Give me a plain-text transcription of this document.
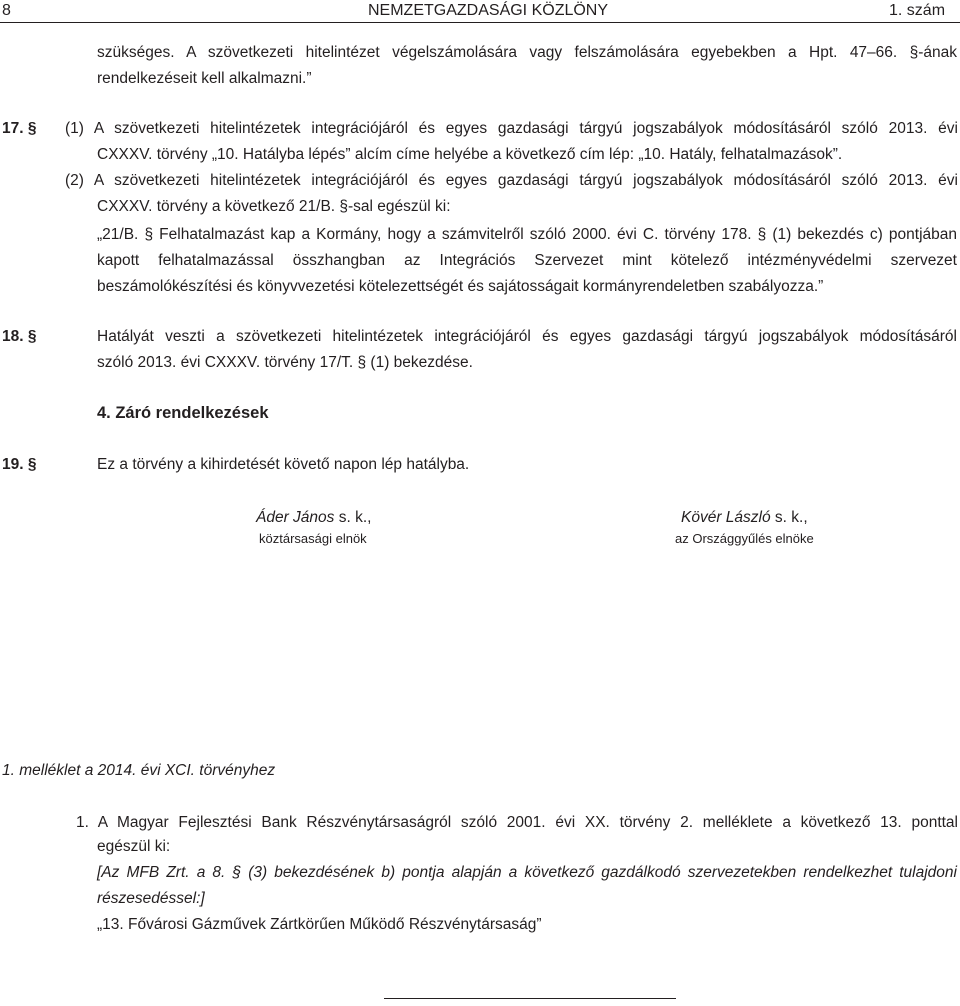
8	NEMZETGAZDASÁGI KÖZLÖNY	1. szám
szükséges. A szövetkezeti hitelintézet végelszámolására vagy felszámolására egyebekben a Hpt. 47–66. §-ának
rendelkezéseit kell alkalmazni.”
17. § (1) A szövetkezeti hitelintézetek integrációjáról és egyes gazdasági tárgyú jogszabályok módosításáról szóló 2013. évi
CXXXV. törvény „10. Hatályba lépés” alcím címe helyébe a következő cím lép: „10. Hatály, felhatalmazások”.
(2) A szövetkezeti hitelintézetek integrációjáról és egyes gazdasági tárgyú jogszabályok módosításáról szóló 2013. évi
CXXXV. törvény a következő 21/B. §-sal egészül ki:
„21/B. § Felhatalmazást kap a Kormány, hogy a számvitelről szóló 2000. évi C. törvény 178. § (1) bekezdés c) pontjában
kapott felhatalmazással összhangban az Integrációs Szervezet mint kötelező intézményvédelmi szervezet
beszámolókészítési és könyvvezetési kötelezettségét és sajátosságait kormányrendeletben szabályozza.”
18. §	Hatályát veszti a szövetkezeti hitelintézetek integrációjáról és egyes gazdasági tárgyú jogszabályok módosításáról
szóló 2013. évi CXXXV. törvény 17/T. § (1) bekezdése.
4. Záró rendelkezések
19. §	Ez a törvény a kihirdetését követő napon lép hatályba.
Áder János s. k.,
köztársasági elnök
Kövér László s. k.,
az Országgyűlés elnöke
1. melléklet a 2014. évi XCI. törvényhez
1. A Magyar Fejlesztési Bank Részvénytársaságról szóló 2001. évi XX. törvény 2. melléklete a következő 13. ponttal
egészül ki:
[Az MFB Zrt. a 8. § (3) bekezdésének b) pontja alapján a következő gazdálkodó szervezetekben rendelkezhet tulajdoni
részesedéssel:]
„13. Fővárosi Gázművek Zártkörűen Működő Részvénytársaság”
